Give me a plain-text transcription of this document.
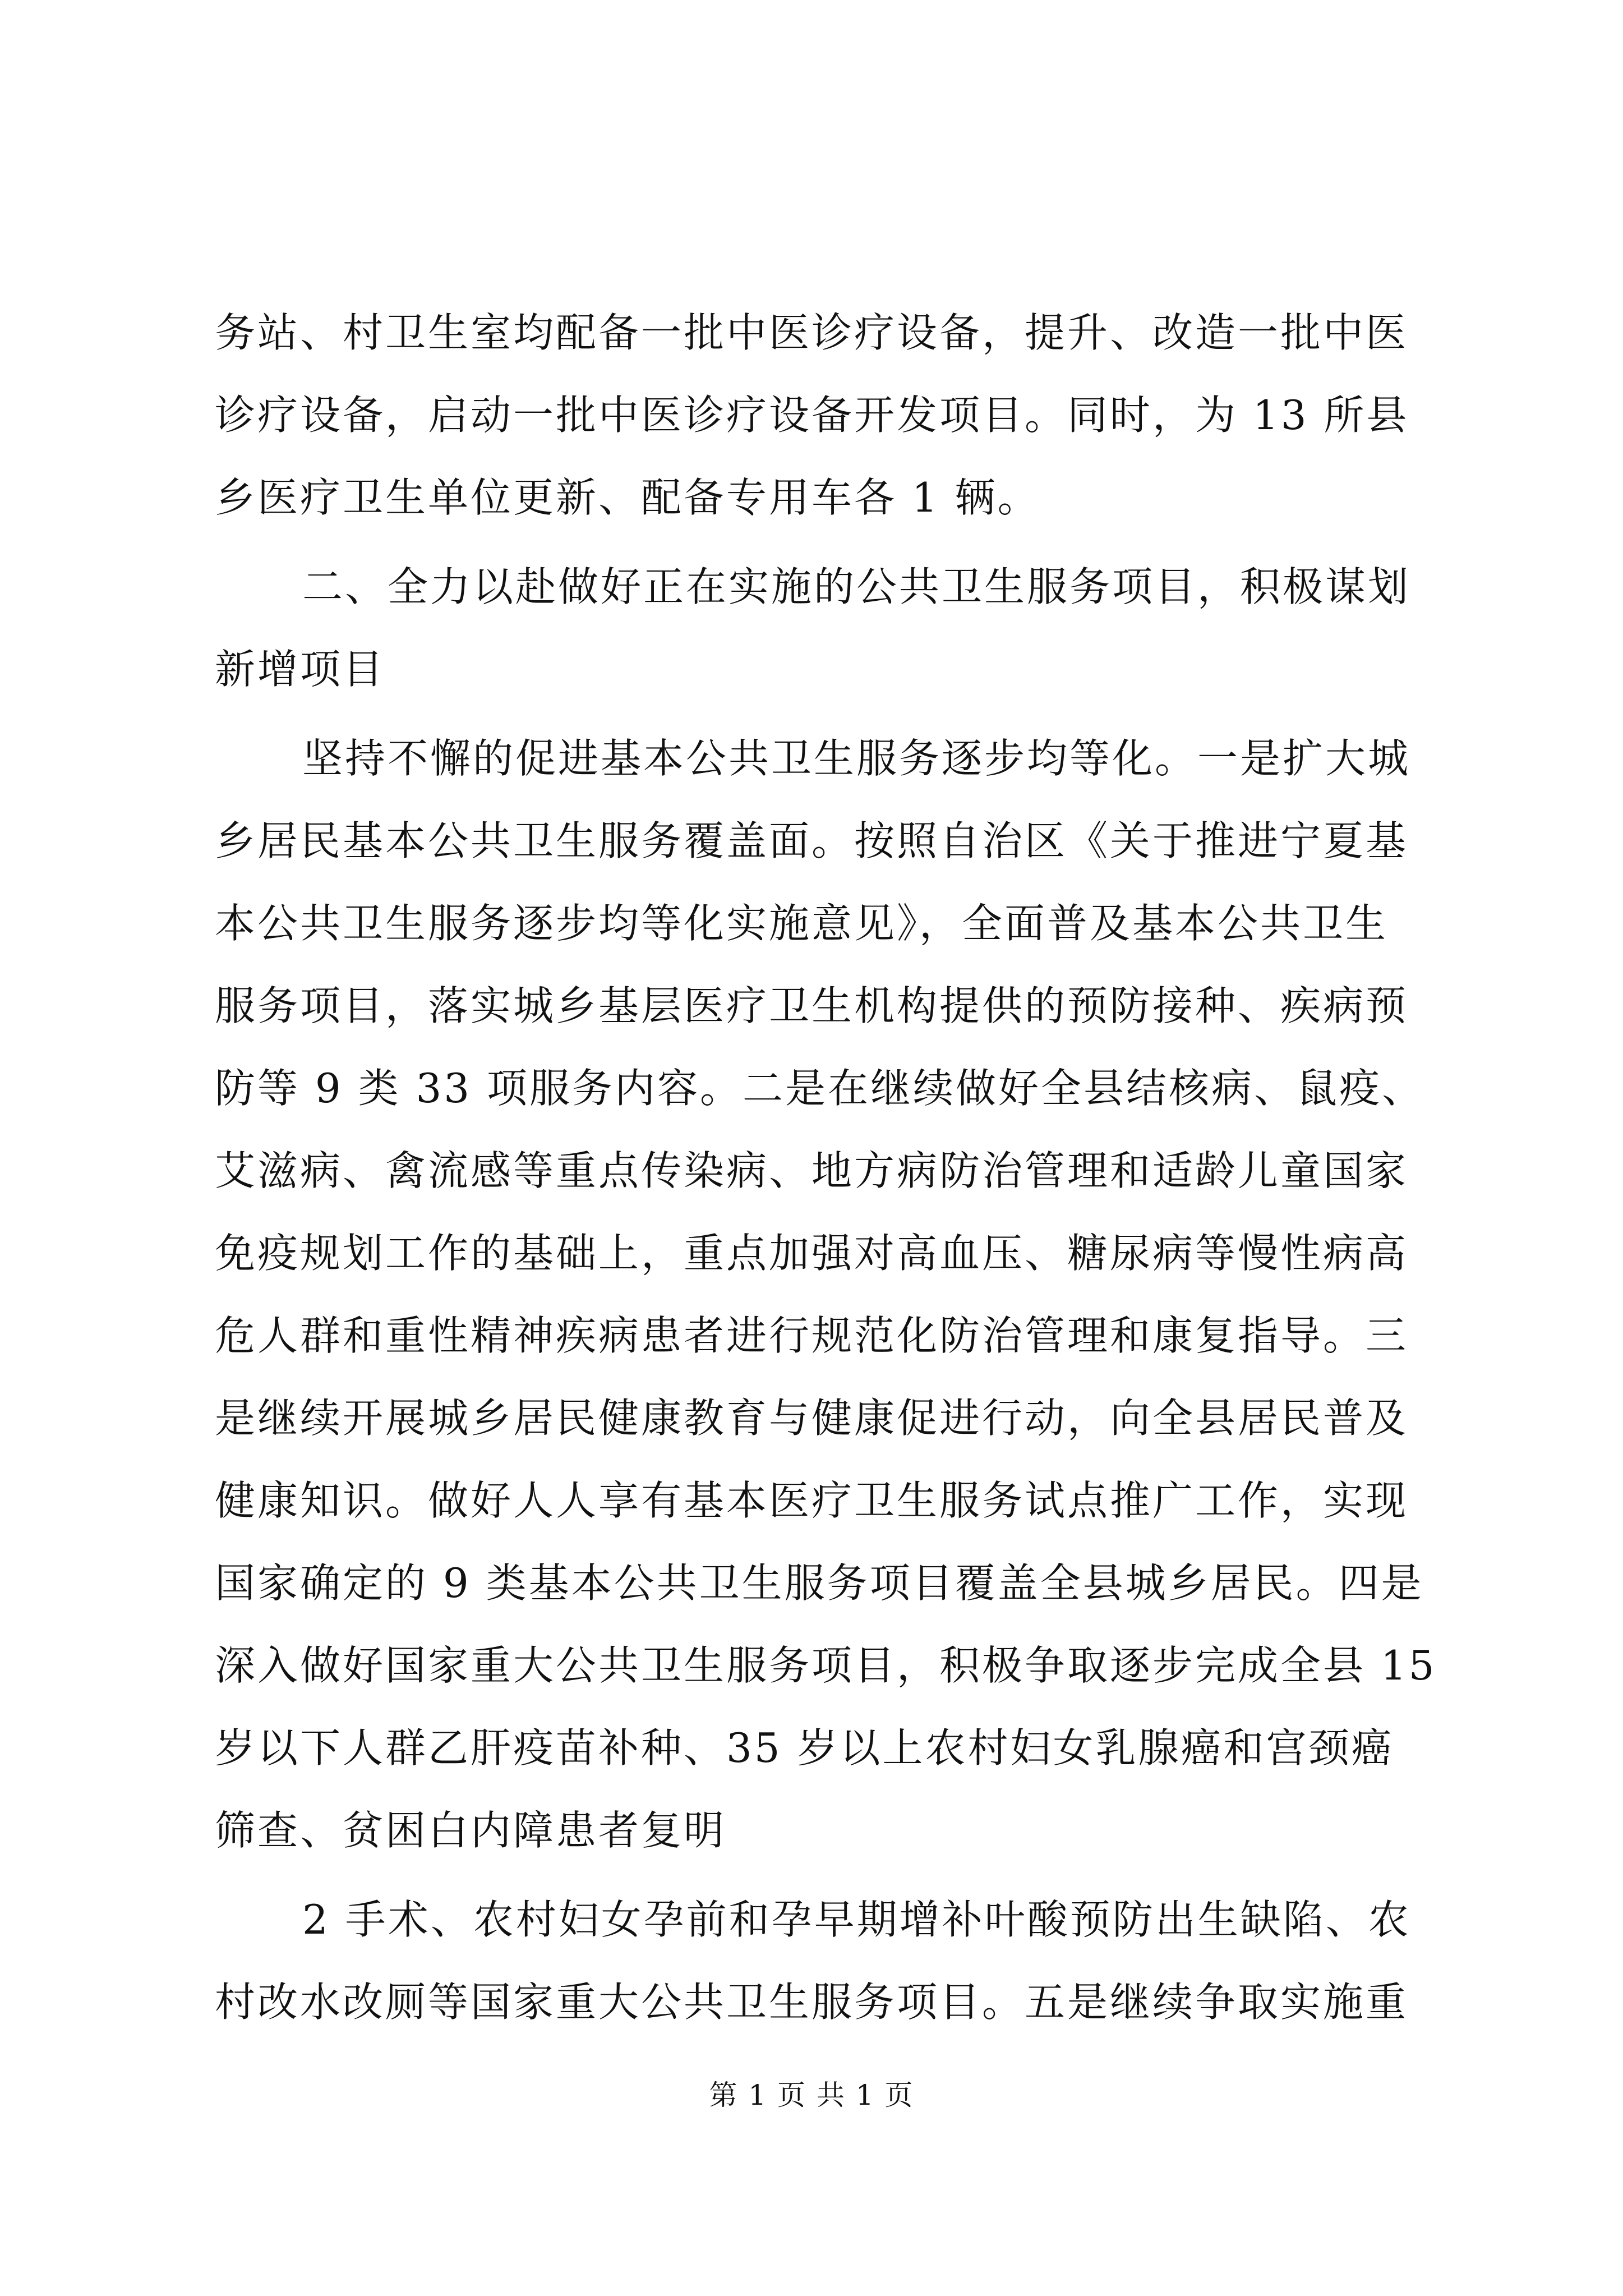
务站、村卫生室均配备一批中医诊疗设备，提升、改造一批中医
诊疗设备，启动一批中医诊疗设备开发项目。同时，为 13 所县
乡医疗卫生单位更新、配备专用车各 1 辆。
二、全力以赴做好正在实施的公共卫生服务项目，积极谋划
新增项目
坚持不懈的促进基本公共卫生服务逐步均等化。一是扩大城
乡居民基本公共卫生服务覆盖面。按照自治区《关于推进宁夏基
本公共卫生服务逐步均等化实施意见》，全面普及基本公共卫生
服务项目，落实城乡基层医疗卫生机构提供的预防接种、疾病预
防等 9 类 33 项服务内容。二是在继续做好全县结核病、鼠疫、
艾滋病、禽流感等重点传染病、地方病防治管理和适龄儿童国家
免疫规划工作的基础上，重点加强对高血压、糖尿病等慢性病高
危人群和重性精神疾病患者进行规范化防治管理和康复指导。三
是继续开展城乡居民健康教育与健康促进行动，向全县居民普及
健康知识。做好人人享有基本医疗卫生服务试点推广工作，实现
国家确定的 9 类基本公共卫生服务项目覆盖全县城乡居民。四是
深入做好国家重大公共卫生服务项目，积极争取逐步完成全县 15
岁以下人群乙肝疫苗补种、35 岁以上农村妇女乳腺癌和宫颈癌
筛查、贫困白内障患者复明
2 手术、农村妇女孕前和孕早期增补叶酸预防出生缺陷、农
村改水改厕等国家重大公共卫生服务项目。五是继续争取实施重
第 1 页 共 1 页
